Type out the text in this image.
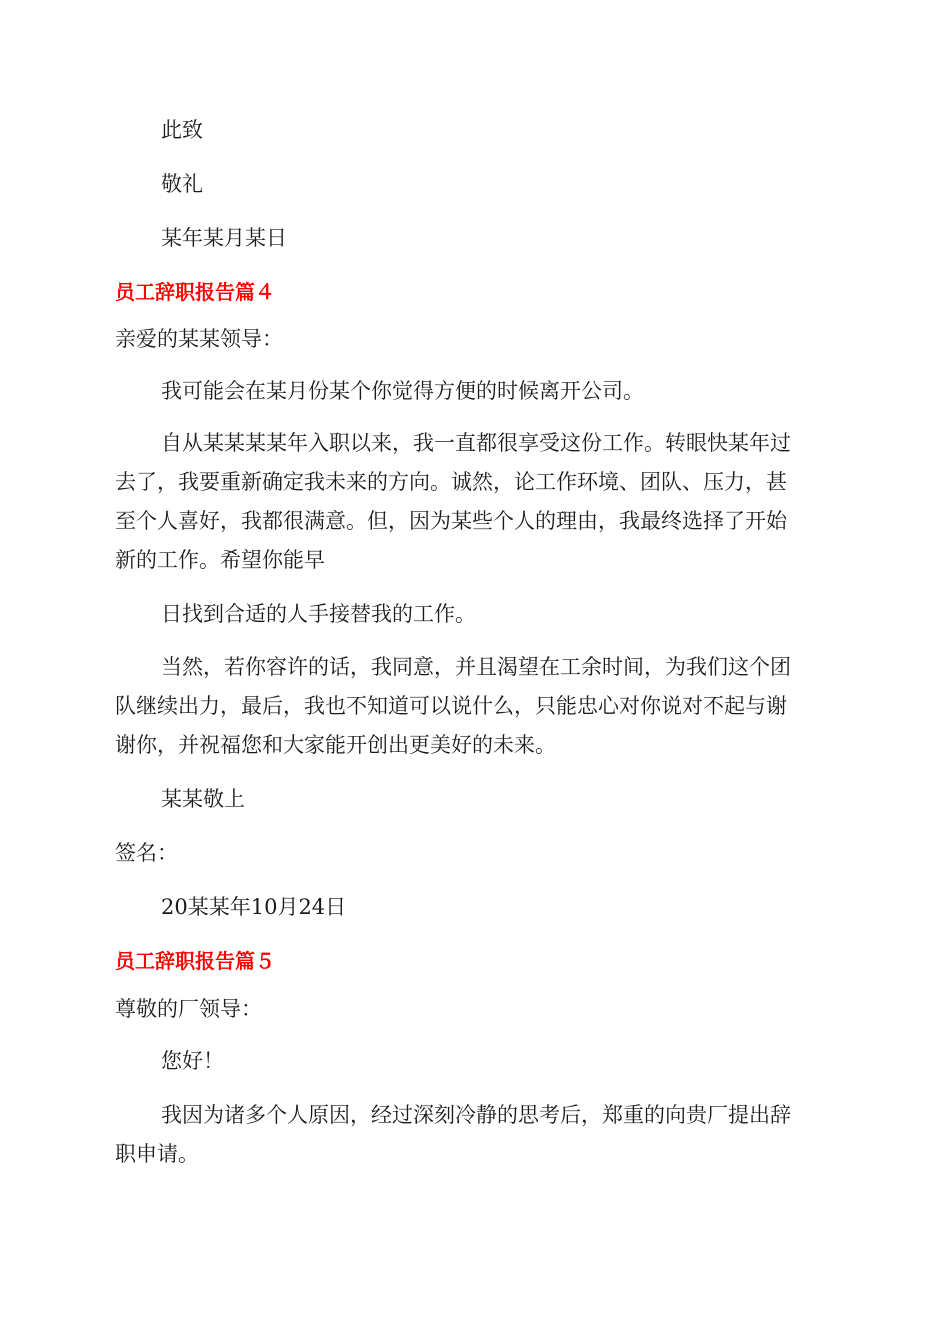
此致

敬礼

某年某月某日

员工辞职报告篇４

亲爱的某某领导：

我可能会在某月份某个你觉得方便的时候离开公司。

自从某某某某年入职以来，我一直都很享受这份工作。转眼快某年过

去了，我要重新确定我未来的方向。诚然，论工作环境、团队、压力，甚

至个人喜好，我都很满意。但，因为某些个人的理由，我最终选择了开始

新的工作。希望你能早

日找到合适的人手接替我的工作。

当然，若你容许的话，我同意，并且渴望在工余时间，为我们这个团

队继续出力，最后，我也不知道可以说什么，只能忠心对你说对不起与谢

谢你，并祝福您和大家能开创出更美好的未来。

某某敬上

签名：

20某某年10月24日

员工辞职报告篇５

尊敬的厂领导：

您好！

我因为诸多个人原因，经过深刻冷静的思考后，郑重的向贵厂提出辞

职申请。
